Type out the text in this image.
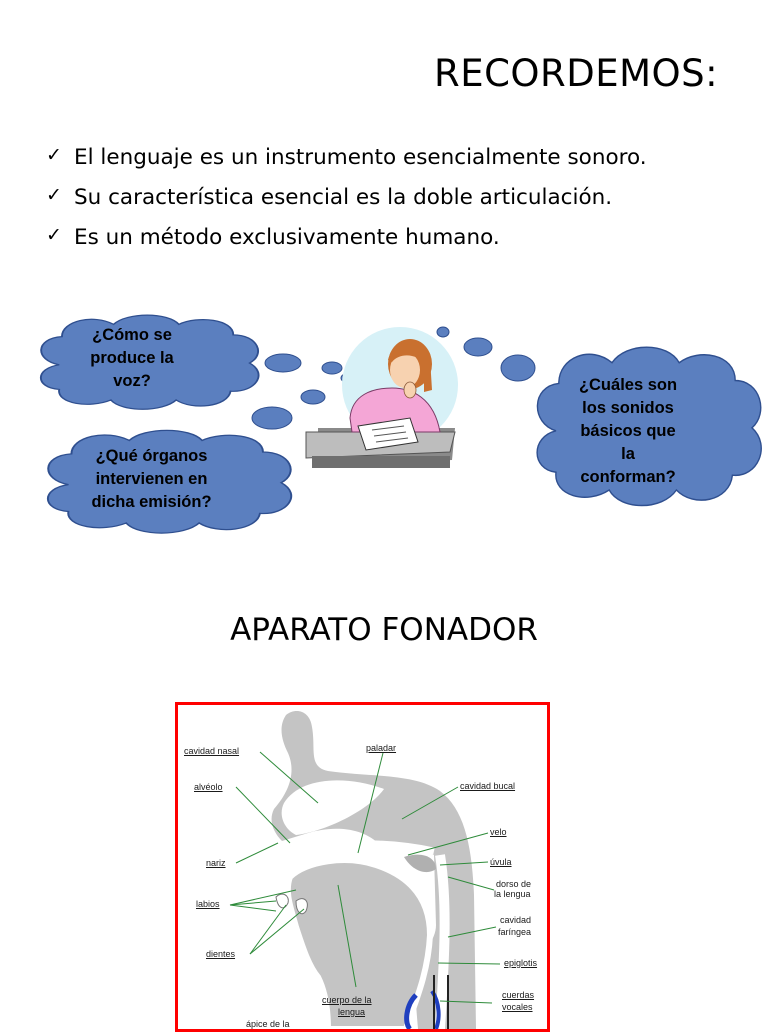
RECORDEMOS:
✓ El lenguaje es un instrumento esencialmente sonoro.
✓ Su característica esencial es la doble articulación.
✓ Es un método exclusivamente humano.
¿Cómo se
produce la
voz?
¿Qué órganos
intervienen en
dicha emisión?
¿Cuáles son
los sonidos
básicos que
la
conforman?
APARATO FONADOR
cavidad nasal	paladar
alvéolo	cavidad bucal
velo
úvula
nariz
dorso de
la lengua
labios
cavidad
faríngea
dientes
epiglotis
cuerpo de la
lengua
cuerdas
vocales
ápice de la
